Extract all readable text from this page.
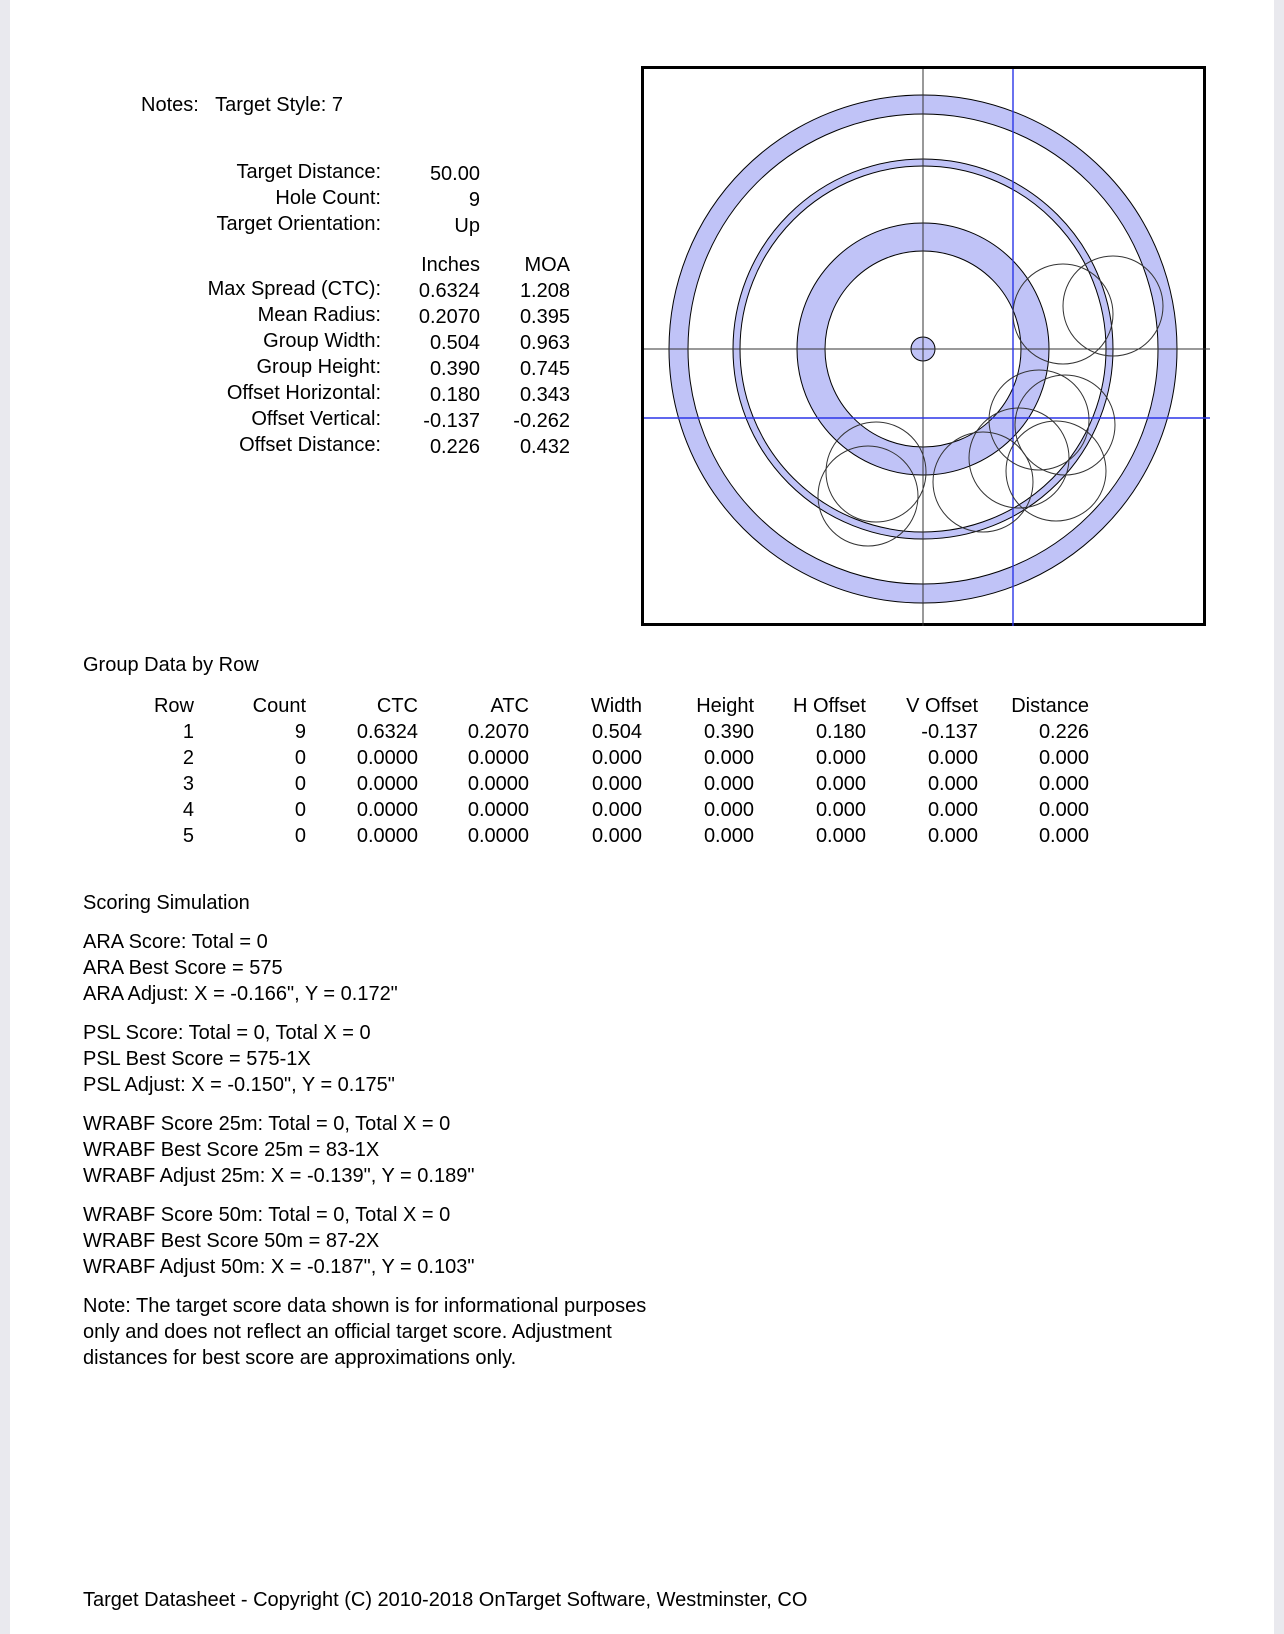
Notes: Target Style: 7
Target Distance:	50.00
Hole Count:	9
Target Orientation:	Up
Inches	MOA
Max Spread (CTC):	0.6324	1.208
Mean Radius:	0.2070	0.395
Group Width:	0.504	0.963
Group Height:	0.390	0.745
Offset Horizontal:	0.180	0.343
Offset Vertical:	-0.137	-0.262
Offset Distance:	0.226	0.432
Group Data by Row
Row	Count	CTC	ATC	Width	Height	H Offset	V Offset	Distance
1	9	0.6324	0.2070	0.504	0.390	0.180	-0.137	0.226
2	0	0.0000	0.0000	0.000	0.000	0.000	0.000	0.000
3	0	0.0000	0.0000	0.000	0.000	0.000	0.000	0.000
4	0	0.0000	0.0000	0.000	0.000	0.000	0.000	0.000
5	0	0.0000	0.0000	0.000	0.000	0.000	0.000	0.000
Scoring Simulation
ARA Score: Total = 0
ARA Best Score = 575
ARA Adjust: X = -0.166", Y = 0.172"
PSL Score: Total = 0, Total X = 0
PSL Best Score = 575-1X
PSL Adjust: X = -0.150", Y = 0.175"
WRABF Score 25m: Total = 0, Total X = 0
WRABF Best Score 25m = 83-1X
WRABF Adjust 25m: X = -0.139", Y = 0.189"
WRABF Score 50m: Total = 0, Total X = 0
WRABF Best Score 50m = 87-2X
WRABF Adjust 50m: X = -0.187", Y = 0.103"
Note: The target score data shown is for informational purposes
only and does not reflect an official target score. Adjustment
distances for best score are approximations only.
Target Datasheet - Copyright (C) 2010-2018 OnTarget Software, Westminster, CO
